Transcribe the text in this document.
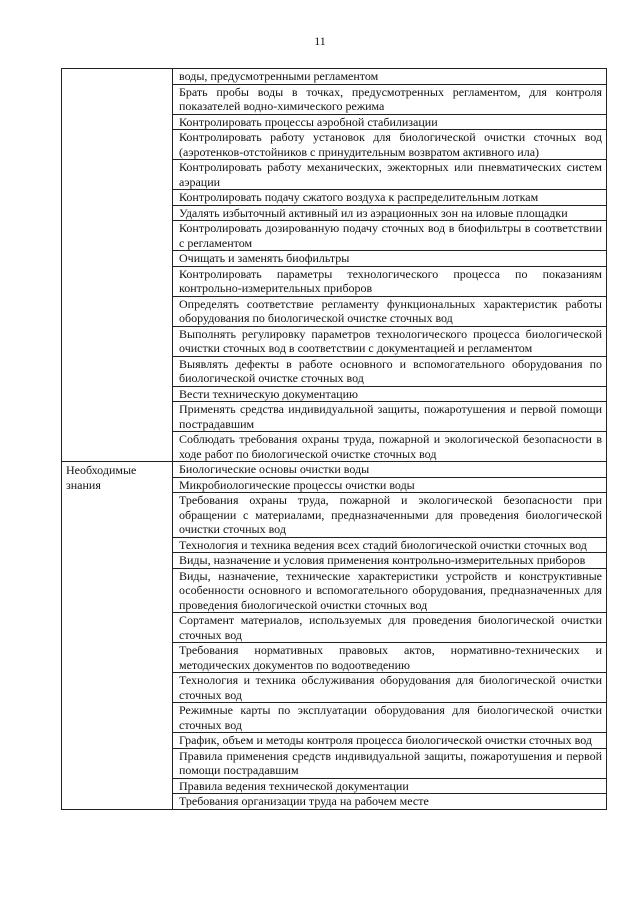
11
	воды, предусмотренными регламентом
	Брать пробы воды в точках, предусмотренных регламентом, для контроля показателей водно-химического режима
	Контролировать процессы аэробной стабилизации
	Контролировать работу установок для биологической очистки сточных вод (аэротенков-отстойников с принудительным возвратом активного ила)
	Контролировать работу механических, эжекторных или пневматических систем аэрации
	Контролировать подачу сжатого воздуха к распределительным лоткам
	Удалять избыточный активный ил из аэрационных зон на иловые площадки
	Контролировать дозированную подачу сточных вод в биофильтры в соответствии с регламентом
	Очищать и заменять биофильтры
	Контролировать параметры технологического процесса по показаниям контрольно-измерительных приборов
	Определять соответствие регламенту функциональных характеристик работы оборудования по биологической очистке сточных вод
	Выполнять регулировку параметров технологического процесса биологической очистки сточных вод в соответствии с документацией и регламентом
	Выявлять дефекты в работе основного и вспомогательного оборудования по биологической очистке сточных вод
	Вести техническую документацию
	Применять средства индивидуальной защиты, пожаротушения и первой помощи пострадавшим
	Соблюдать требования охраны труда, пожарной и экологической безопасности в ходе работ по биологической очистке сточных вод
Необходимые знания	Биологические основы очистки воды
	Микробиологические процессы очистки воды
	Требования охраны труда, пожарной и экологической безопасности при обращении с материалами, предназначенными для проведения биологической очистки сточных вод
	Технология и техника ведения всех стадий биологической очистки сточных вод
	Виды, назначение и условия применения контрольно-измерительных приборов
	Виды, назначение, технические характеристики устройств и конструктивные особенности основного и вспомогательного оборудования, предназначенных для проведения биологической очистки сточных вод
	Сортамент материалов, используемых для проведения биологической очистки сточных вод
	Требования нормативных правовых актов, нормативно-технических и методических документов по водоотведению
	Технология и техника обслуживания оборудования для биологической очистки сточных вод
	Режимные карты по эксплуатации оборудования для биологической очистки сточных вод
	График, объем и методы контроля процесса биологической очистки сточных вод
	Правила применения средств индивидуальной защиты, пожаротушения и первой помощи пострадавшим
	Правила ведения технической документации
	Требования организации труда на рабочем месте
